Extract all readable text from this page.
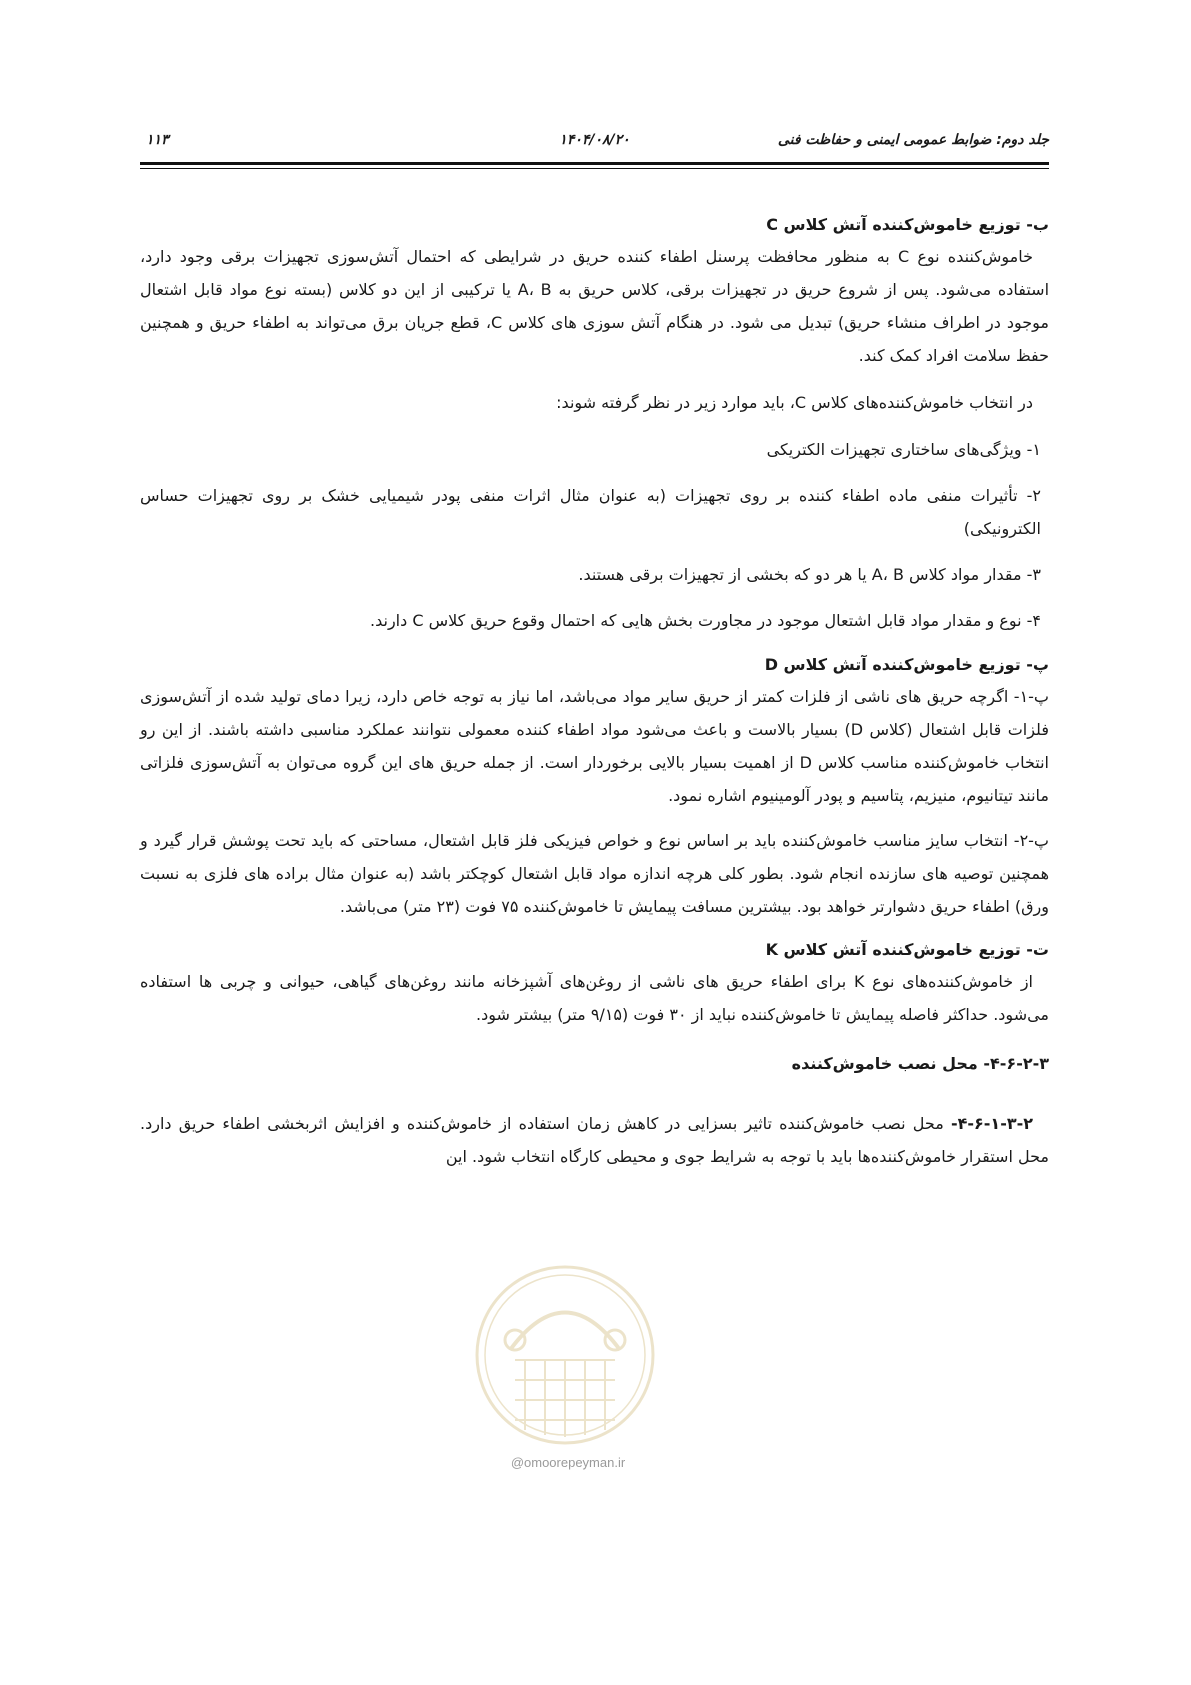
جلد دوم: ضوابط عمومی ایمنی و حفاظت فنی
۱۴۰۴/۰۸/۲۰
۱۱۳
ب- توزیع خاموش‌کننده آتش کلاس C

خاموش‌کننده نوع C به منظور محافظت پرسنل اطفاء کننده حریق در شرایطی که احتمال آتش‌سوزی تجهیزات برقی وجود دارد، استفاده می‌شود. پس از شروع حریق در تجهیزات برقی، کلاس حریق به A، B یا ترکیبی از این دو کلاس (بسته نوع مواد قابل اشتعال موجود در اطراف منشاء حریق) تبدیل می شود. در هنگام آتش سوزی های کلاس C، قطع جریان برق می‌تواند به اطفاء حریق و همچنین حفظ سلامت افراد کمک کند.

در انتخاب خاموش‌کننده‌های کلاس C، باید موارد زیر در نظر گرفته شوند:

۱- ویژگی‌های ساختاری تجهیزات الکتریکی

۲- تأثیرات منفی ماده اطفاء کننده بر روی تجهیزات (به عنوان مثال اثرات منفی پودر شیمیایی خشک بر روی تجهیزات حساس الکترونیکی)

۳- مقدار مواد کلاس A، B یا هر دو که بخشی از تجهیزات برقی هستند.

۴- نوع و مقدار مواد قابل اشتعال موجود در مجاورت بخش هایی که احتمال وقوع حریق کلاس C دارند.

پ- توزیع خاموش‌کننده آتش کلاس D

پ-۱- اگرچه حریق های ناشی از فلزات کمتر از حریق سایر مواد می‌باشد، اما نیاز به توجه خاص دارد، زیرا دمای تولید شده از آتش‌سوزی فلزات قابل اشتعال (کلاس D) بسیار بالاست و باعث می‌شود مواد اطفاء کننده معمولی نتوانند عملکرد مناسبی داشته باشند. از این رو انتخاب خاموش‌کننده مناسب کلاس D از اهمیت بسیار بالایی برخوردار است. از جمله حریق های این گروه می‌توان به آتش‌سوزی فلزاتی مانند تیتانیوم، منیزیم، پتاسیم و پودر آلومینیوم اشاره نمود.

پ-۲- انتخاب سایز مناسب خاموش‌کننده باید بر اساس نوع و خواص فیزیکی فلز قابل اشتعال، مساحتی که باید تحت پوشش قرار گیرد و همچنین توصیه های سازنده انجام شود. بطور کلی هرچه اندازه مواد قابل اشتعال کوچکتر باشد (به عنوان مثال براده های فلزی به نسبت ورق) اطفاء حریق دشوارتر خواهد بود. بیشترین مسافت پیمایش تا خاموش‌کننده ۷۵ فوت (۲۳ متر) می‌باشد.

ت- توزیع خاموش‌کننده آتش کلاس K

از خاموش‌کننده‌های نوع K برای اطفاء حریق های ناشی از روغن‌های آشپزخانه مانند روغن‌های گیاهی، حیوانی و چربی ها استفاده می‌شود. حداکثر فاصله پیمایش تا خاموش‌کننده نباید از ۳۰ فوت (۹/۱۵ متر) بیشتر شود.

۴-۶-۲-۳- محل نصب خاموش‌کننده

۴-۶-۱-۳-۲- محل نصب خاموش‌کننده تاثیر بسزایی در کاهش زمان استفاده از خاموش‌کننده و افزایش اثربخشی اطفاء حریق دارد. محل استقرار خاموش‌کننده‌ها باید با توجه به شرایط جوی و محیطی کارگاه انتخاب شود. این

@omoorepeyman.ir
